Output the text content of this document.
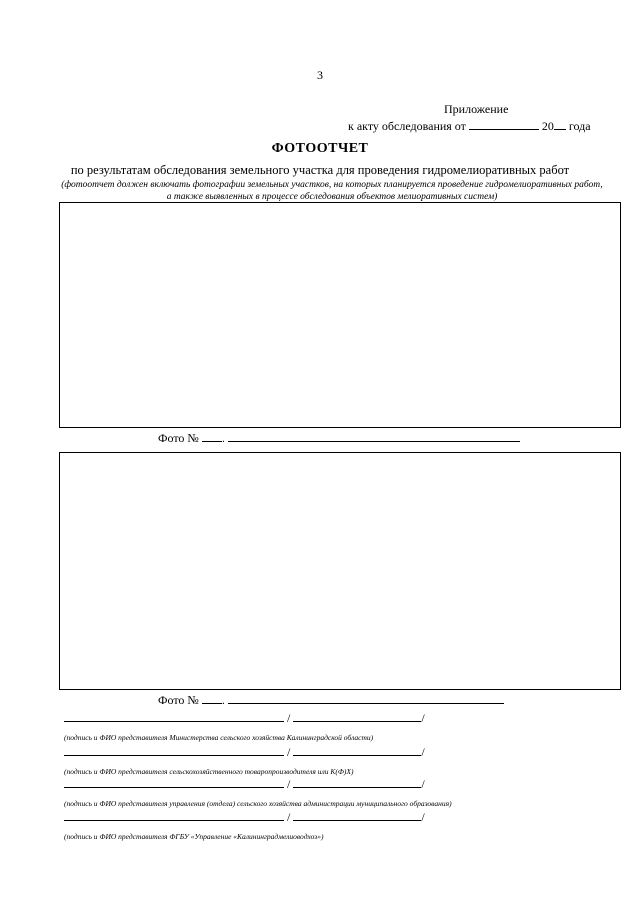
3
Приложение
к акту обследования от	20 года
ФОТООТЧЕТ
по результатам обследования земельного участка для проведения гидромелиоративных работ
(фотоотчет должен включать фотографии земельных участков, на которых планируется проведение гидромелиоративных работ, а также выявленных в процессе обследования объектов мелиоративных систем)
Фото № .
Фото № .
/	/
(подпись и ФИО представителя Министерства сельского хозяйства Калининградской области)
/	/
(подпись и ФИО представителя сельскохозяйственного товаропроизводителя или К(Ф)Х)
/	/
(подпись и ФИО представителя управления (отдела) сельского хозяйства администрации муниципального образования)
/	/
(подпись и ФИО представителя ФГБУ «Управление «Калининградмелиоводхоз»)
